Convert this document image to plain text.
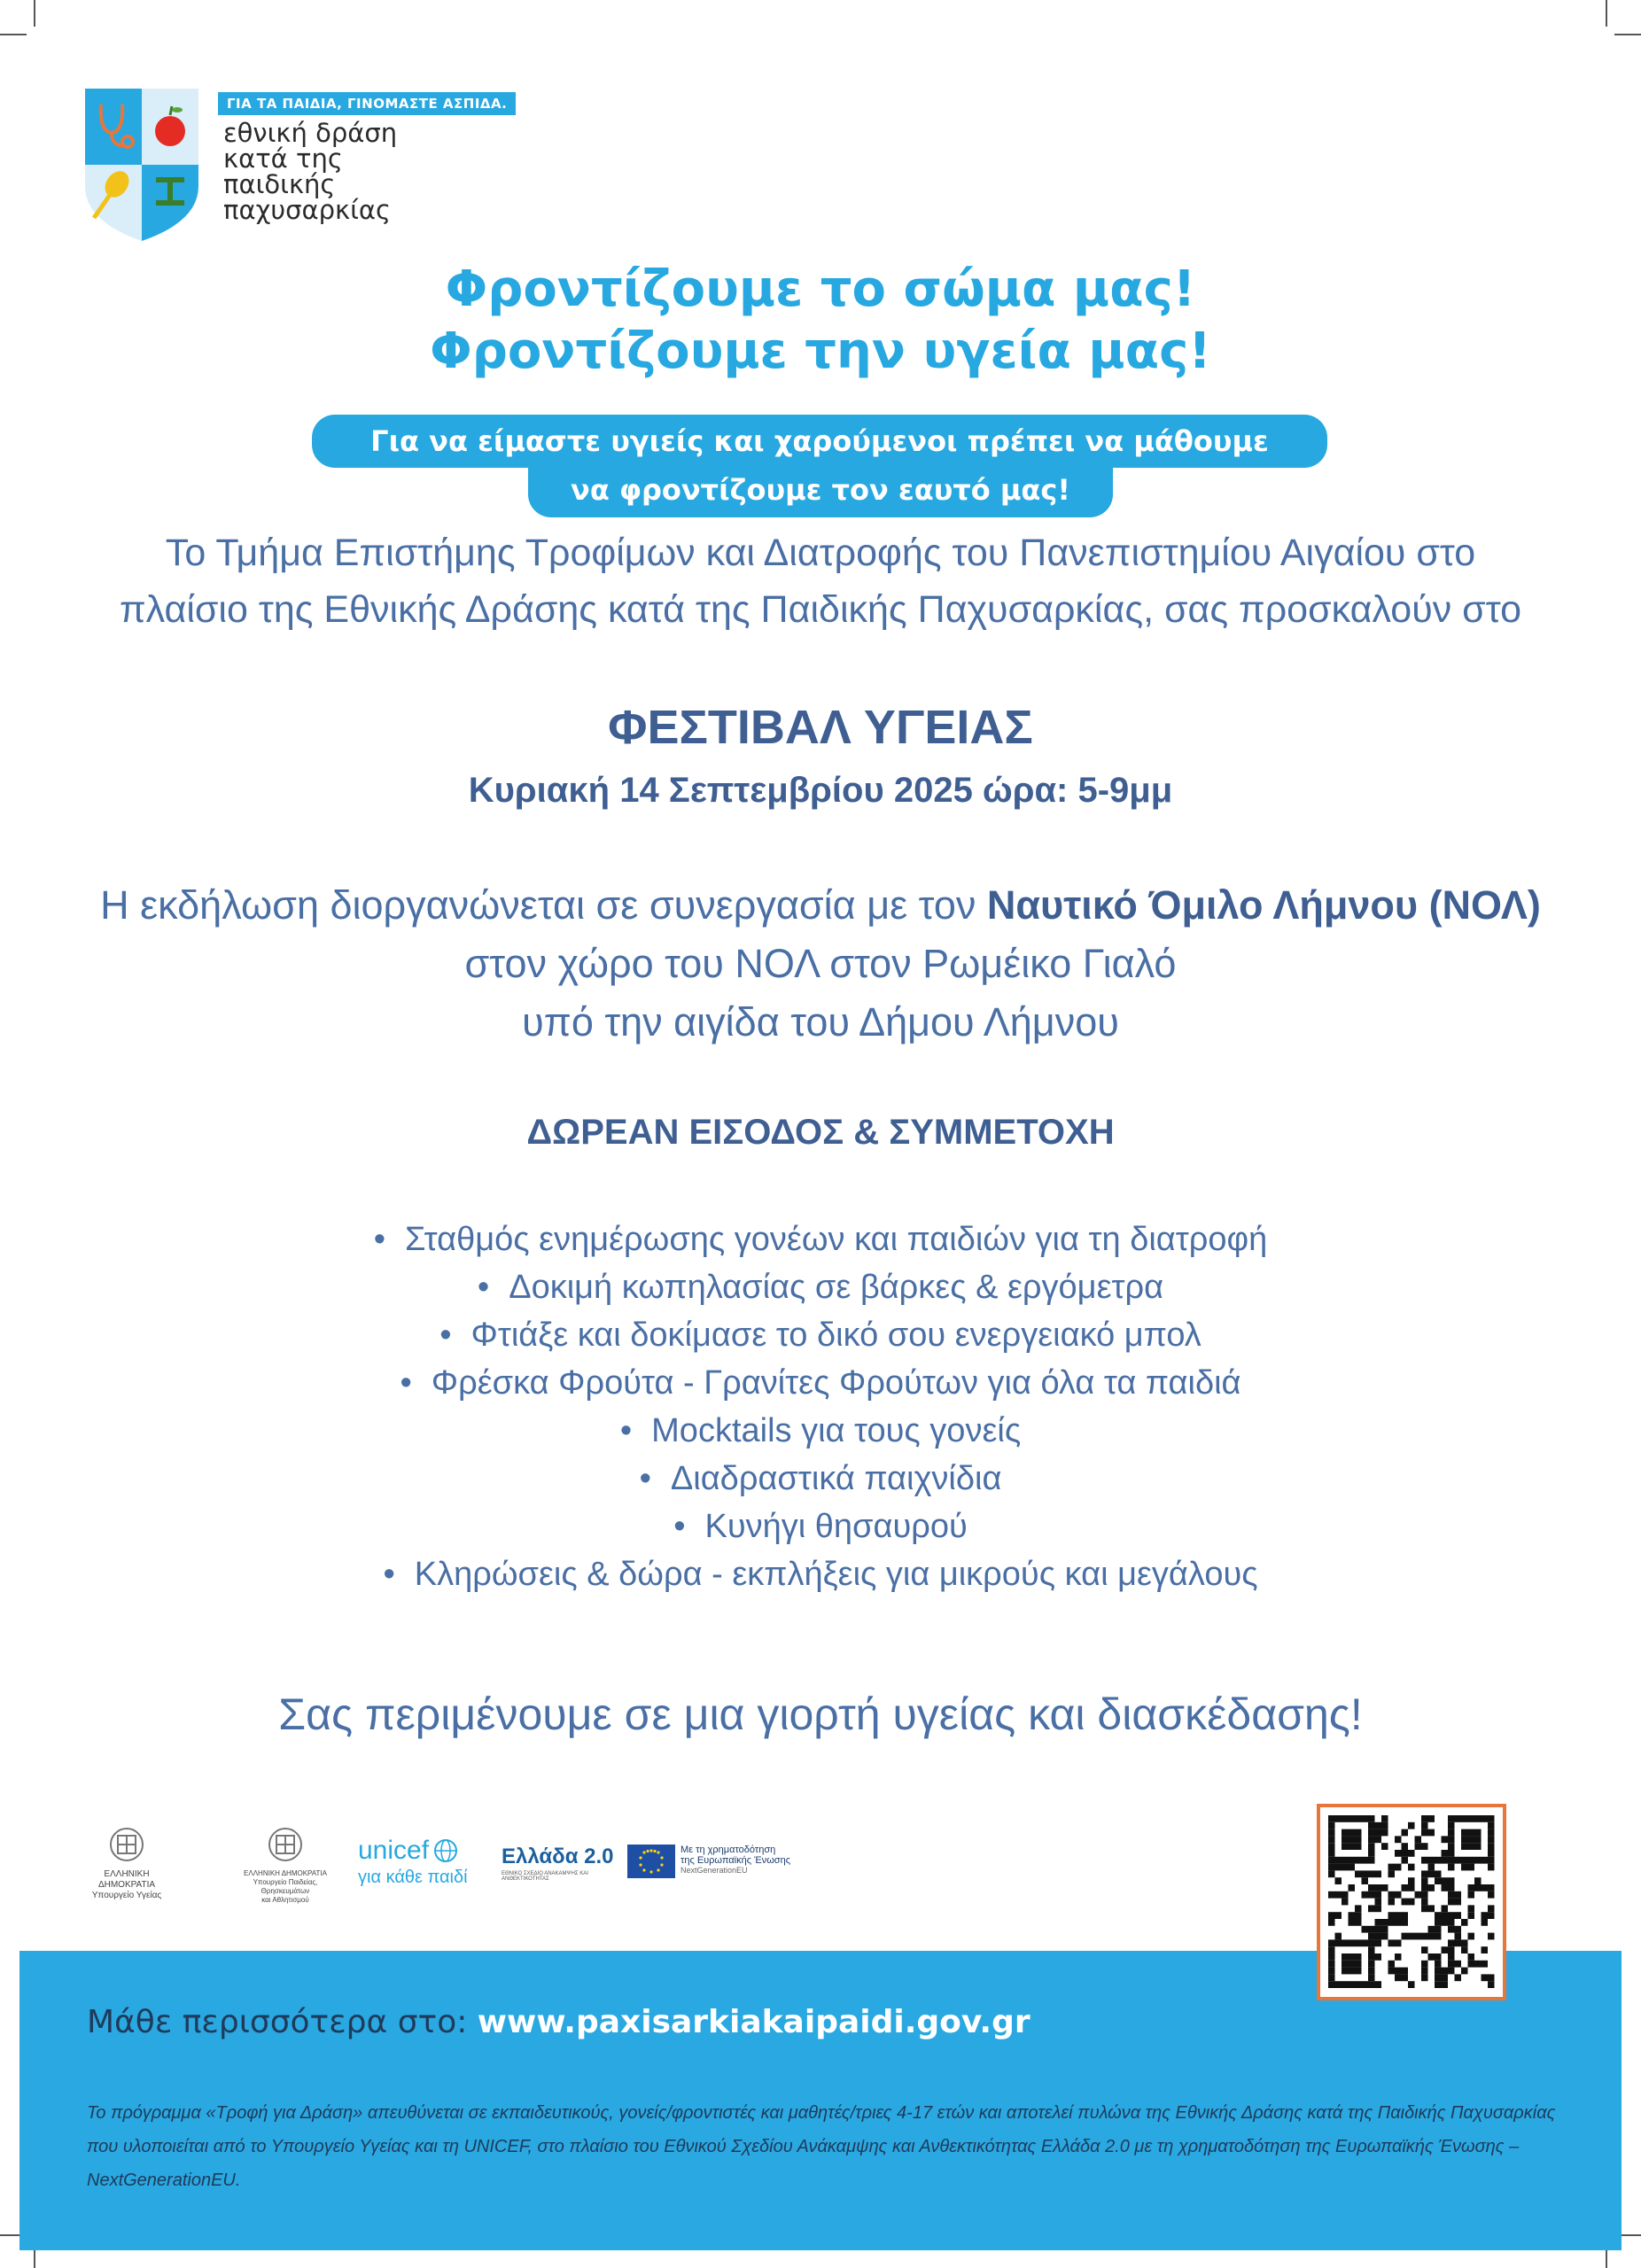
ΓΙΑ ΤΑ ΠΑΙΔΙΑ, ΓΙΝΟΜΑΣΤΕ ΑΣΠΙΔΑ.
εθνική δράση
κατά της
παιδικής
παχυσαρκίας
Φροντίζουμε το σώμα μας!
Φροντίζουμε την υγεία μας!
Για να είμαστε υγιείς και χαρούμενοι πρέπει να μάθουμε
να φροντίζουμε τον εαυτό μας!
Το Τμήμα Επιστήμης Τροφίμων και Διατροφής του Πανεπιστημίου Αιγαίου στο
πλαίσιο της Εθνικής Δράσης κατά της Παιδικής Παχυσαρκίας, σας προσκαλούν στο
ΦΕΣΤΙΒΑΛ ΥΓΕΙΑΣ
Κυριακή 14 Σεπτεμβρίου 2025 ώρα: 5-9μμ
Η εκδήλωση διοργανώνεται σε συνεργασία με τον Ναυτικό Όμιλο Λήμνου (ΝΟΛ)
στον χώρο του ΝΟΛ στον Ρωμέικο Γιαλό
υπό την αιγίδα του Δήμου Λήμνου
ΔΩΡΕΑΝ ΕΙΣΟΔΟΣ & ΣΥΜΜΕΤΟΧΗ
• Σταθμός ενημέρωσης γονέων και παιδιών για τη διατροφή
• Δοκιμή κωπηλασίας σε βάρκες & εργόμετρα
• Φτιάξε και δοκίμασε το δικό σου ενεργειακό μπολ
• Φρέσκα Φρούτα - Γρανίτες Φρούτων για όλα τα παιδιά
• Mocktails για τους γονείς
• Διαδραστικά παιχνίδια
• Κυνήγι θησαυρού
• Κληρώσεις & δώρα - εκπλήξεις για μικρούς και μεγάλους
Σας περιμένουμε σε μια γιορτή υγείας και διασκέδασης!
ΕΛΛΗΝΙΚΗ ΔΗΜΟΚΡΑΤΙΑ
Υπουργείο Υγείας
ΕΛΛΗΝΙΚΗ ΔΗΜΟΚΡΑΤΙΑ
Υπουργείο Παιδείας, Θρησκευμάτων
και Αθλητισμού
unicef
για κάθε παιδί
Ελλάδα 2.0
ΕΘΝΙΚΟ ΣΧΕΔΙΟ ΑΝΑΚΑΜΨΗΣ ΚΑΙ ΑΝΘΕΚΤΙΚΟΤΗΤΑΣ
Με τη χρηματοδότηση
της Ευρωπαϊκής Ένωσης
NextGenerationEU
Μάθε περισσότερα στο: www.paxisarkiakaipaidi.gov.gr
Το πρόγραμμα «Τροφή για Δράση» απευθύνεται σε εκπαιδευτικούς, γονείς/φροντιστές και μαθητές/τριες 4-17 ετών και αποτελεί πυλώνα της Εθνικής Δράσης κατά της Παιδικής Παχυσαρκίας που υλοποιείται από το Υπουργείο Υγείας και τη UNICEF, στο πλαίσιο του Εθνικού Σχεδίου Ανάκαμψης και Ανθεκτικότητας Ελλάδα 2.0 με τη χρηματοδότηση της Ευρωπαϊκής Ένωσης – NextGenerationEU.
